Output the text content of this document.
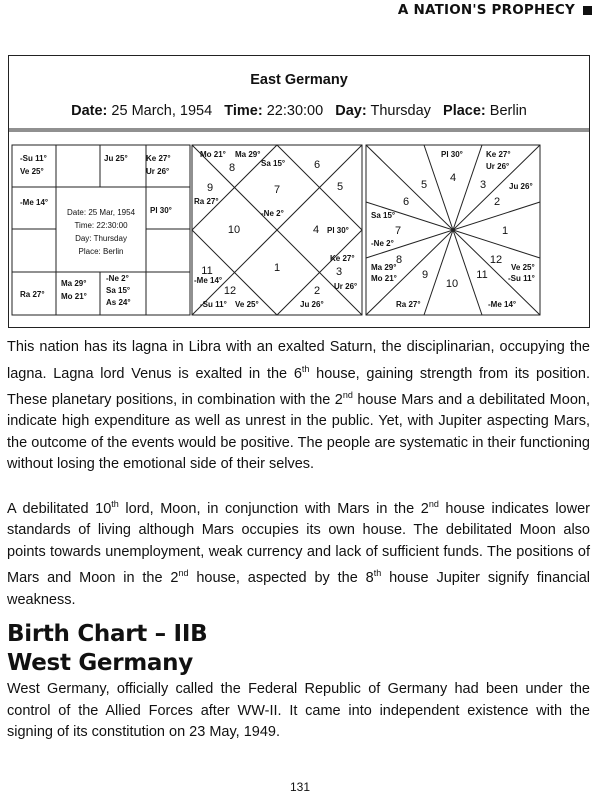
A NATION'S PROPHECY
East Germany
Date: 25 March, 1954 Time: 22:30:00 Day: Thursday Place: Berlin
-Su 11°
Ve 25°
Ju 25° Ke 27°
Ur 26°
-Me 14°
Pl 30°
Ra 27°
Ma 29°
Mo 21°
-Ne 2°
Sa 15°
As 24°
Date: 25 Mar, 1954
Time: 22:30:00
Day: Thursday
Place: Berlin
7
8
9
10
11
12
1
2
3
4
5
6
Mo 21° Ma 29°
Sa 15°
Ra 27°
-Ne 2°
Pl 30°
Ke 27°
Ur 26°
-Me 14°
-Su 11° Ve 25°	Ju 26°
4
5	3
6	2
7	1
8	12
9	11
10
Pl 30°	Ke 27°
Ur 26°
Ju 26°
Sa 15°
-Ne 2°
Ma 29°
Mo 21°
Ra 27°
Ve 25°
-Su 11°
-Me 14°

This nation has its lagna in Libra with an exalted Saturn, the disciplinarian, occupying the lagna. Lagna lord Venus is exalted in the 6th house, gaining strength from its position. These planetary positions, in combination with the 2nd house Mars and a debilitated Moon, indicate high expenditure as well as unrest in the public. Yet, with Jupiter aspecting Mars, the outcome of the events would be positive. The people are systematic in their functioning without losing the emotional side of their selves.

A debilitated 10th lord, Moon, in conjunction with Mars in the 2nd house indicates lower standards of living although Mars occupies its own house. The debilitated Moon also points towards unemployment, weak currency and lack of sufficient funds. The positions of Mars and Moon in the 2nd house, aspected by the 8th house Jupiter signify financial weakness.

Birth Chart – IIB
West Germany

West Germany, officially called the Federal Republic of Germany had been under the control of the Allied Forces after WW-II. It came into independent existence with the signing of its constitution on 23 May, 1949.

131
